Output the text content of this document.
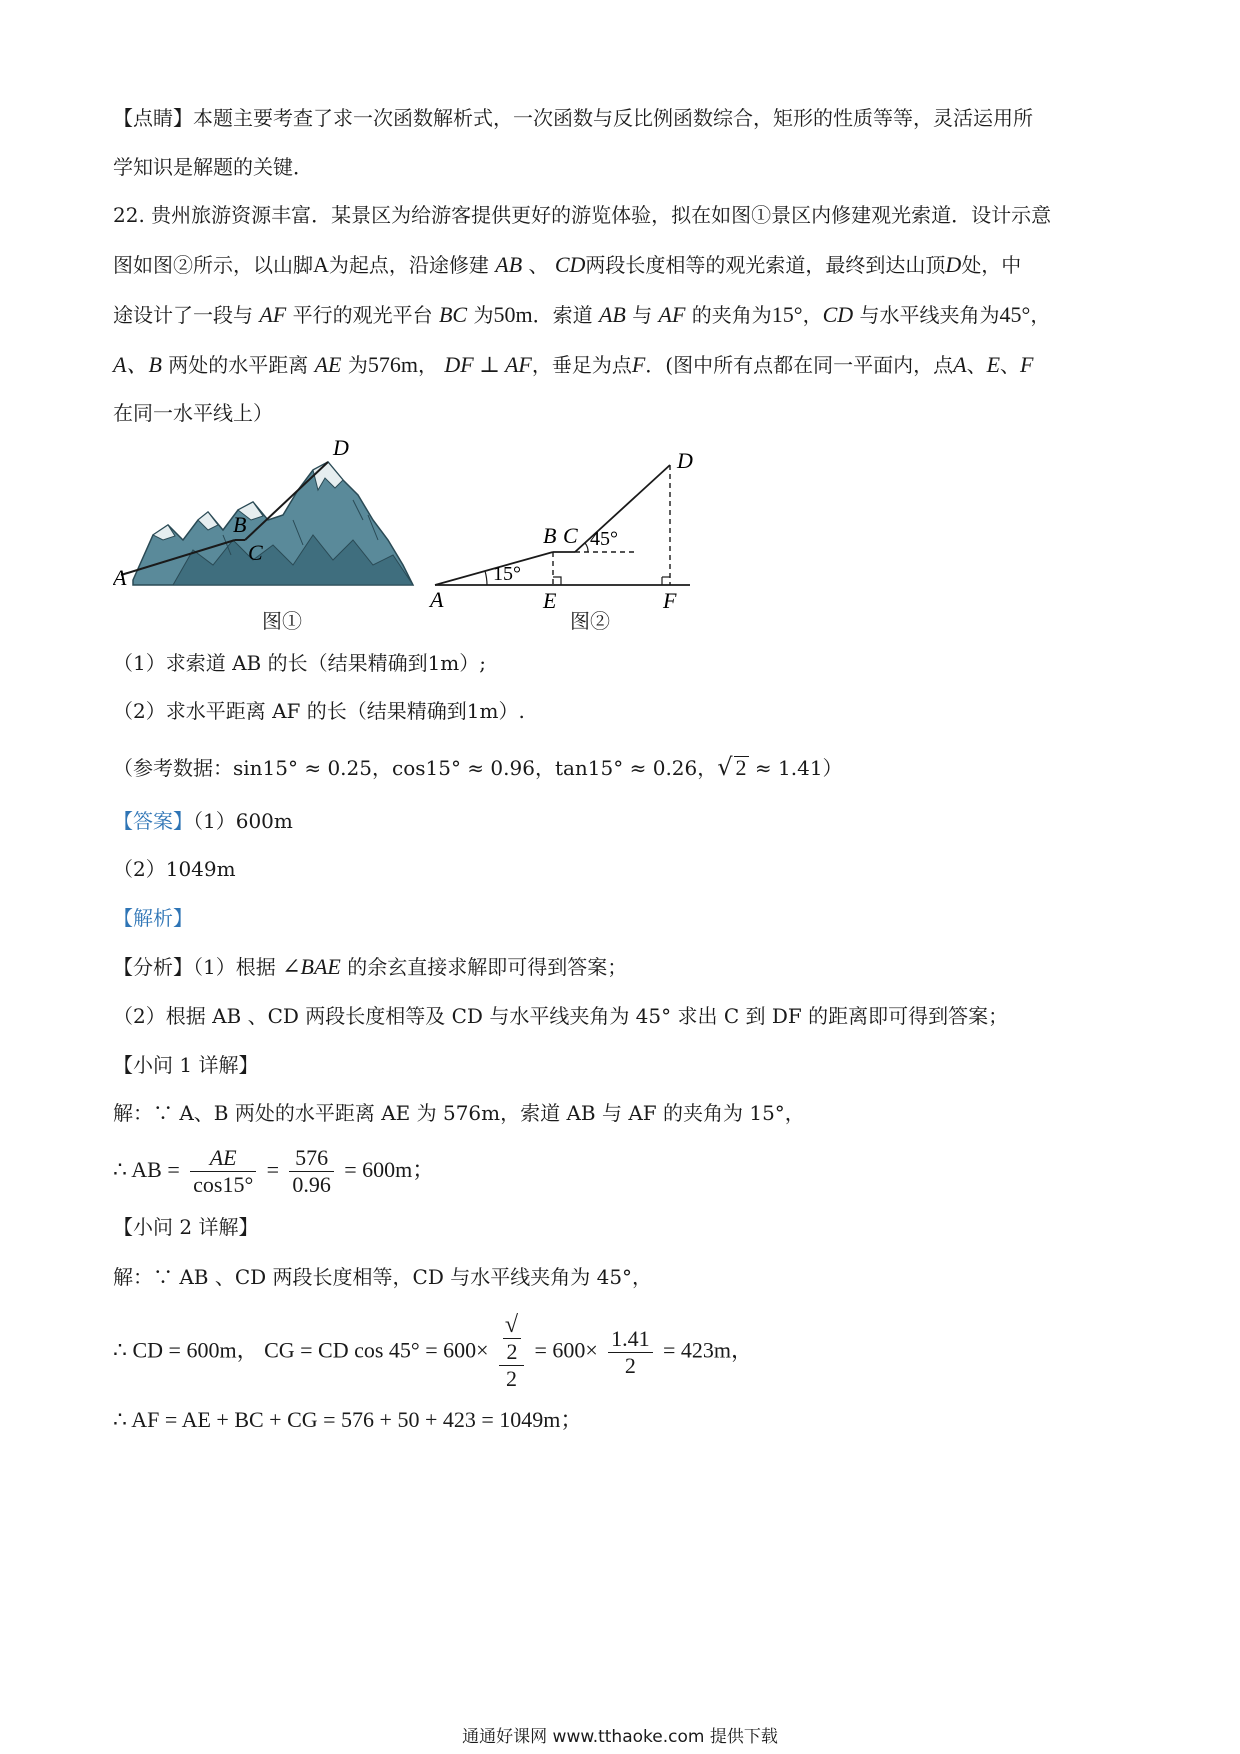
【点睛】本题主要考查了求一次函数解析式，一次函数与反比例函数综合，矩形的性质等等，灵活运用所
学知识是解题的关键．
22. 贵州旅游资源丰富．某景区为给游客提供更好的游览体验，拟在如图①景区内修建观光索道．设计示意
图如图②所示，以山脚A为起点，沿途修建 AB 、 CD两段长度相等的观光索道，最终到达山顶D处，中
途设计了一段与 AF 平行的观光平台 BC 为50m．索道 AB 与 AF 的夹角为15°，CD 与水平线夹角为45°，
A、B 两处的水平距离 AE 为576m， DF ⊥ AF，垂足为点F．(图中所有点都在同一平面内，点A、E、F
在同一水平线上）
A
B
C
D
图①
A
B C
D
E	F
15°
45°
图②
（1）求索道 AB 的长（结果精确到1m）;
（2）求水平距离 AF 的长（结果精确到1m）.
（参考数据：sin15° ≈ 0.25，cos15° ≈ 0.96，tan15° ≈ 0.26，√ 2 ≈ 1.41）
【答案】（1）600m
（2）1049m
【解析】
【分析】（1）根据 ∠BAE 的余玄直接求解即可得到答案；
（2）根据 AB 、CD 两段长度相等及 CD 与水平线夹角为 45° 求出 C 到 DF 的距离即可得到答案；
【小问 1 详解】
解：∵ A、B 两处的水平距离 AE 为 576m，索道 AB 与 AF 的夹角为 15°，
∴ AB = $\frac{AE}{\cos 15^\circ} = \frac{576}{0.96} = 600m$；
【小问 2 详解】
解：∵ AB 、CD 两段长度相等，CD 与水平线夹角为 45°，
∴ CD = 600m， CG = CD cos 45° = 600× √
2
$2 = 600\times \frac{1.41}{2} = 423m$，
∴ AF = AE + BC + CG = 576 + 50 + 423 = 1049m；
通通好课网 www.tthaoke.com 提供下载
